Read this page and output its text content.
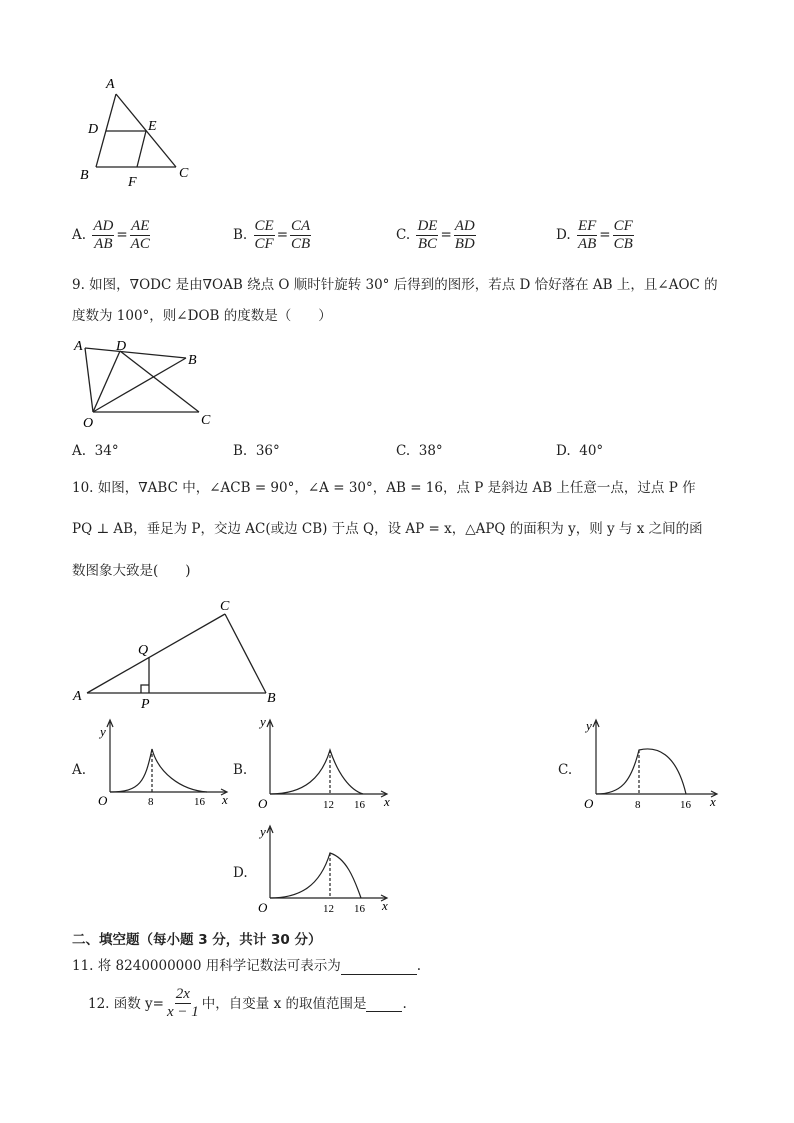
A
D	E
B	F
C
A. $\frac{AD}{AB} = \frac{AE}{AC}$	B. $\frac{CE}{CF} = \frac{CA}{CB}$	C. $\frac{DE}{BC} = \frac{AD}{BD}$	D. $\frac{EF}{AB} = \frac{CF}{CB}$
9. 如图，∇ODC 是由∇OAB 绕点 O 顺时针旋转 30° 后得到的图形，若点 D 恰好落在 AB 上，且∠AOC 的
度数为 100°，则∠DOB 的度数是（　　）
A D
B
O	C
A. 34°	B. 36°	C. 38°	D. 40°
10. 如图，∇ABC 中，∠ACB = 90°，∠A = 30°，AB = 16，点 P 是斜边 AB 上任意一点，过点 P 作
PQ ⊥ AB，垂足为 P，交边 AC(或边 CB) 于点 Q，设 AP = x，△APQ 的面积为 y，则 y 与 x 之间的函
数图象大致是(　　)
C
Q
A
P	B
A.
y
O	8	16 x
B.
y
O	12 16 x
C.
y
O	8	16 x
D.
y
O	12 16 x
二、填空题（每小题 3 分，共计 30 分）
11. 将 8240000000 用科学记数法可表示为	.
12. 函数 $y= \frac{2x}{x - 1}$ 中，自变量 x 的取值范围是
	.
